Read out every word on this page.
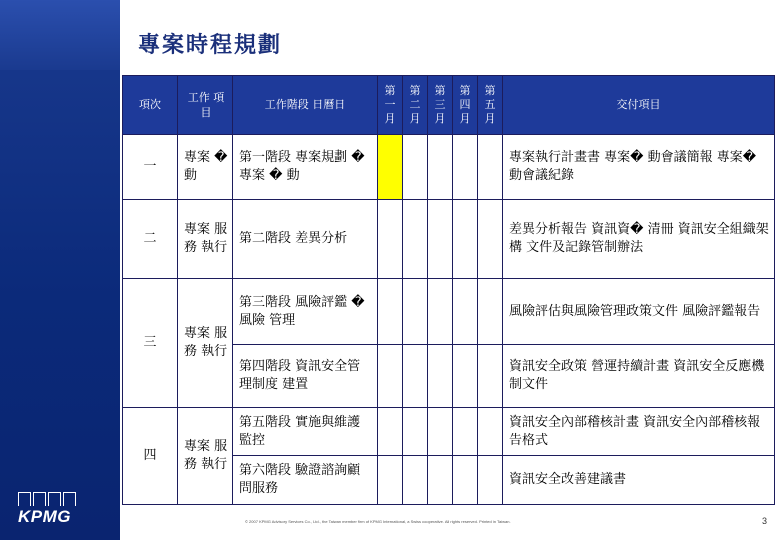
KPMG
專案時程規劃
項次	工作 項目	工作階段 日曆日	第 一 月	第 二 月	第 三 月	第 四 月	第 五 月	交付項目
一	專案 � 動	第一階段 專案規劃 � 專案 � 動						專案執行計畫書 專案� 動會議簡報 專案� 動會議紀錄
二	專案 服務 執行	第二階段 差異分析						差異分析報告 資訊資� 清冊 資訊安全組織架構 文件及記錄管制辦法
三	專案 服務 執行	第三階段 風險評鑑 � 風險 管理						風險評估與風險管理政策文件 風險評鑑報告
		第四階段 資訊安全管理制度 建置						資訊安全政策 營運持續計畫 資訊安全反應機制文件
四	專案 服務 執行	第五階段 實施與維護監控						資訊安全內部稽核計畫 資訊安全內部稽核報告格式
		第六階段 驗證諮詢顧問服務						資訊安全改善建議書
© 2007 KPMG Advisory Services Co., Ltd., the Taiwan member firm of KPMG International, a Swiss cooperative. All rights reserved. Printed in Taiwan.	3
